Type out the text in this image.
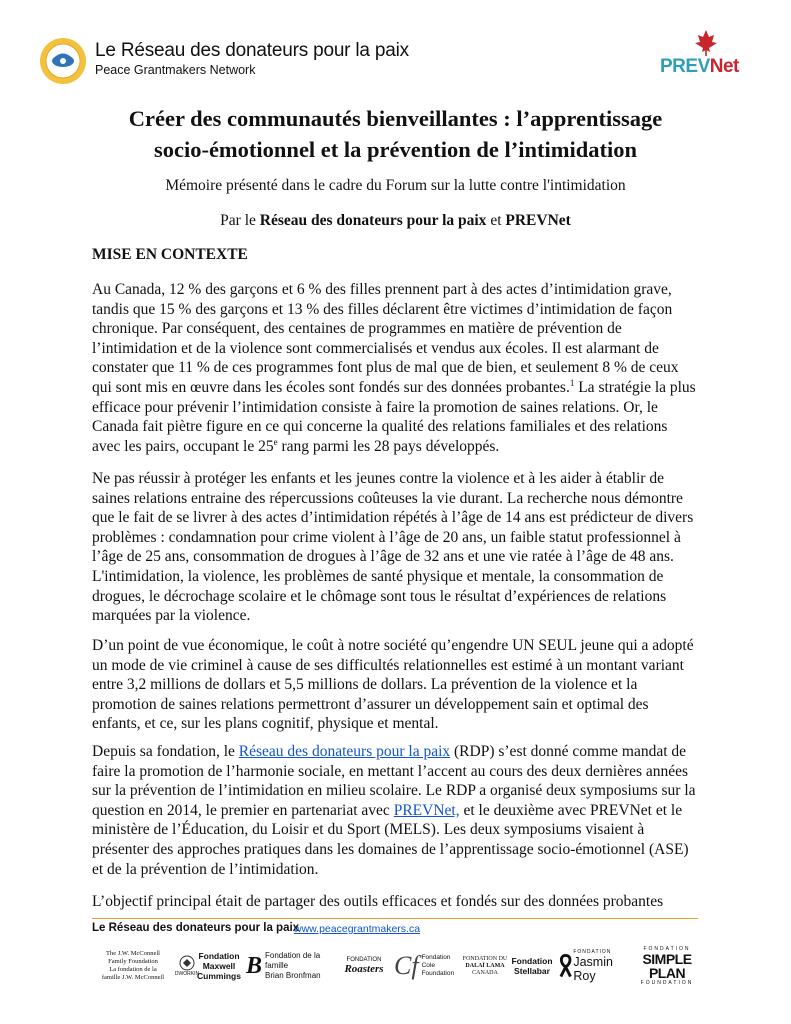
Le Réseau des donateurs pour la paix
Peace Grantmakers Network	PREVNet
Créer des communautés bienveillantes : l’apprentissage
socio-émotionnel et la prévention de l’intimidation
Mémoire présenté dans le cadre du Forum sur la lutte contre l'intimidation
Par le Réseau des donateurs pour la paix et PREVNet
MISE EN CONTEXTE
Au Canada, 12 % des garçons et 6 % des filles prennent part à des actes d’intimidation grave,
tandis que 15 % des garçons et 13 % des filles déclarent être victimes d’intimidation de façon
chronique. Par conséquent, des centaines de programmes en matière de prévention de
l’intimidation et de la violence sont commercialisés et vendus aux écoles. Il est alarmant de
constater que 11 % de ces programmes font plus de mal que de bien, et seulement 8 % de ceux
qui sont mis en œuvre dans les écoles sont fondés sur des données probantes.$^1$ La stratégie la plus
efficace pour prévenir l’intimidation consiste à faire la promotion de saines relations. Or, le
Canada fait piètre figure en ce qui concerne la qualité des relations familiales et des relations
avec les pairs, occupant le 25e rang parmi les 28 pays développés.
Ne pas réussir à protéger les enfants et les jeunes contre la violence et à les aider à établir de
saines relations entraine des répercussions coûteuses la vie durant. La recherche nous démontre
que le fait de se livrer à des actes d’intimidation répétés à l’âge de 14 ans est prédicteur de divers
problèmes : condamnation pour crime violent à l’âge de 20 ans, un faible statut professionnel à
l’âge de 25 ans, consommation de drogues à l’âge de 32 ans et une vie ratée à l’âge de 48 ans.
L'intimidation, la violence, les problèmes de santé physique et mentale, la consommation de
drogues, le décrochage scolaire et le chômage sont tous le résultat d’expériences de relations
marquées par la violence.
D’un point de vue économique, le coût à notre société qu’engendre UN SEUL jeune qui a adopté
un mode de vie criminel à cause de ses difficultés relationnelles est estimé à un montant variant
entre 3,2 millions de dollars et 5,5 millions de dollars. La prévention de la violence et la
promotion de saines relations permettront d’assurer un développement sain et optimal des
enfants, et ce, sur les plans cognitif, physique et mental.
Depuis sa fondation, le Réseau des donateurs pour la paix (RDP) s’est donné comme mandat de
faire la promotion de l’harmonie sociale, en mettant l’accent au cours des deux dernières années
sur la prévention de l’intimidation en milieu scolaire. Le RDP a organisé deux symposiums sur la
question en 2014, le premier en partenariat avec PREVNet, et le deuxième avec PREVNet et le
ministère de l’Éducation, du Loisir et du Sport (MELS). Les deux symposiums visaient à
présenter des approches pratiques dans les domaines de l’apprentissage socio-émotionnel (ASE)
et de la prévention de l’intimidation.
L’objectif principal était de partager des outils efficaces et fondés sur des données probantes
Le Réseau des donateurs pour la paix
www.peacegrantmakers.ca
The J.W. McConnell
Family Foundation
La fondation de la
famille J.W. McConnell DWORKIN
Fondation
Maxwell
Cummings B Fondation de la famille
Brian Bronfman
FONDATION
Roasters Cf Fondation
Cole
Foundation
FONDATION DU
DALAÏ LAMA
CANADA
Fondation
Stellabar
FONDATION
Jasmin Roy
FONDATION
SIMPLE PLAN
FOUNDATION
